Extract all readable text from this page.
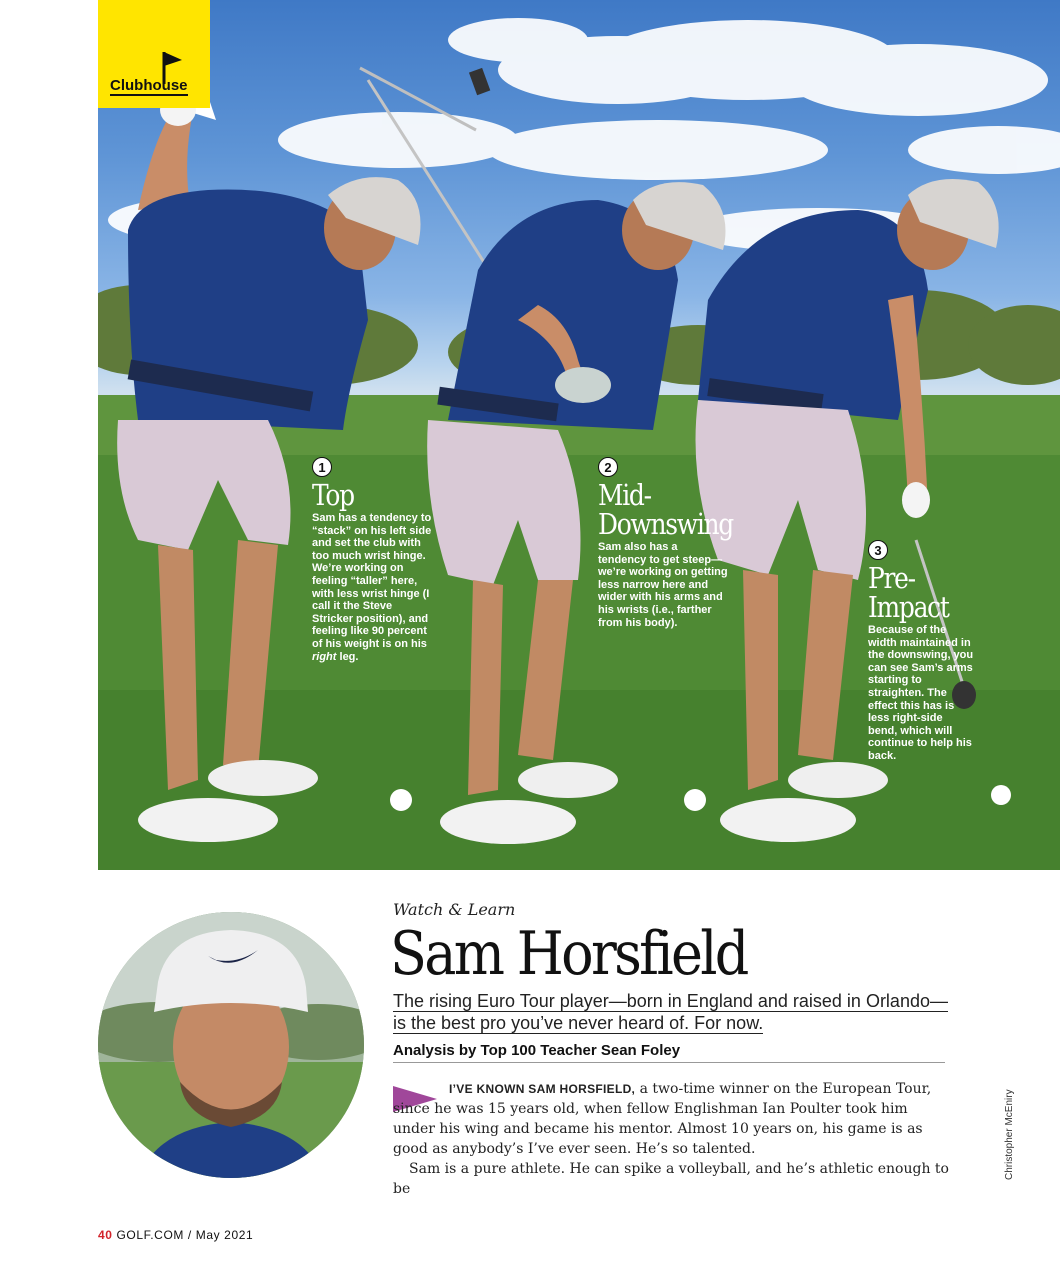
1
Top
Sam has a tendency to “stack” on his left side and set the club with too much wrist hinge. We’re working on feeling “taller” here, with less wrist hinge (I call it the Steve Stricker position), and feeling like 90 percent of his weight is on his right leg.
2
Mid-
Downswing
Sam also has a tendency to get steep—we’re working on getting less narrow here and wider with his arms and his wrists (i.e., farther from his body).
3
Pre-
Impact
Because of the width maintained in the downswing, you can see Sam’s arms starting to straighten. The effect this has is less right-side bend, which will continue to help his back.
Clubhouse
Watch & Learn
Sam Horsfield
The rising Euro Tour player—born in England and raised in Orlando—is the best pro you’ve never heard of. For now.
Analysis by Top 100 Teacher Sean Foley

I’VE KNOWN SAM HORSFIELD, a two-time winner on the European Tour, since he was 15 years old, when fellow Englishman Ian Poulter took him under his wing and became his mentor. Almost 10 years on, his game is as good as anybody’s I’ve ever seen. He’s so talented.

Sam is a pure athlete. He can spike a volleyball, and he’s athletic enough to be

Christopher McEniry
40 GOLF.COM / May 2021
